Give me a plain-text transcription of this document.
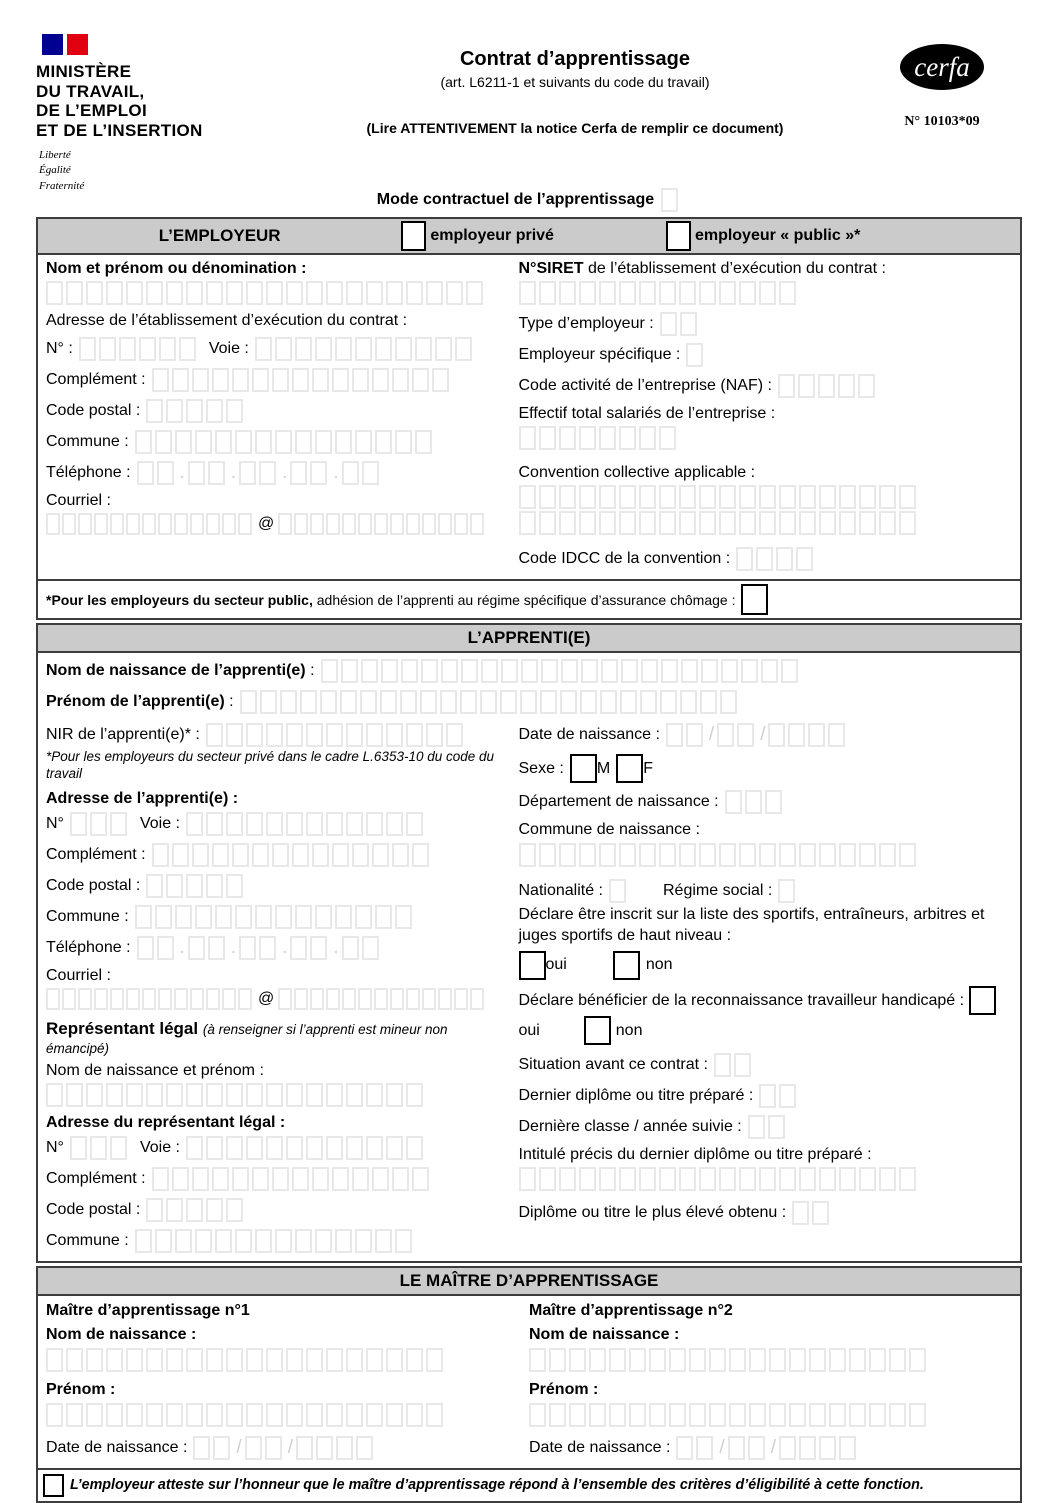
MINISTÈRE
DU TRAVAIL,
DE L’EMPLOI
ET DE L’INSERTION
Liberté
Égalité
Fraternité
Contrat d’apprentissage
(art. L6211-1 et suivants du code du travail)
(Lire ATTENTIVEMENT la notice Cerfa de remplir ce document)
cerfa
N° 10103*09
Mode contractuel de l’apprentissage
L’EMPLOYEUR	employeur privé	employeur « public »*
Nom et prénom ou dénomination :
Adresse de l’établissement d’exécution du contrat :
N° :	Voie :
Complément :
Code postal :
Commune :
Téléphone :	. . . .
Courriel :
@
N°SIRET de l’établissement d’exécution du contrat :
Type d’employeur :
Employeur spécifique :
Code activité de l’entreprise (NAF) :
Effectif total salariés de l’entreprise :
Convention collective applicable :
Code IDCC de la convention :
*Pour les employeurs du secteur public, adhésion de l’apprenti au régime spécifique d’assurance chômage :
L’APPRENTI(E)
Nom de naissance de l’apprenti(e) :
Prénom de l’apprenti(e) :
NIR de l’apprenti(e)* :
*Pour les employeurs du secteur privé dans le cadre L.6353-10 du code du travail
Adresse de l’apprenti(e) :
N°	Voie :
Complément :
Code postal :
Commune :
Téléphone :	. . . .
Courriel :
@
Représentant légal (à renseigner si l’apprenti est mineur non émancipé)
Nom de naissance et prénom :
Adresse du représentant légal :
N°	Voie :
Complément :
Code postal :
Commune :
Date de naissance :	/ /
Sexe : M F
Département de naissance :
Commune de naissance :
Nationalité :	Régime social :
Déclare être inscrit sur la liste des sportifs, entraîneurs, arbitres et juges sportifs de haut niveau :
oui	non
Déclare bénéficier de la reconnaissance travailleur handicapé :  oui	non
Situation avant ce contrat :
Dernier diplôme ou titre préparé :
Dernière classe / année suivie :
Intitulé précis du dernier diplôme ou titre préparé :
Diplôme ou titre le plus élevé obtenu :
LE MAÎTRE D’APPRENTISSAGE
Maître d’apprentissage n°1
Nom de naissance :
Prénom :
Date de naissance :	/ /
Maître d’apprentissage n°2
Nom de naissance :
Prénom :
Date de naissance :	/ /
L’employeur atteste sur l’honneur que le maître d’apprentissage répond à l’ensemble des critères d’éligibilité à cette fonction.
